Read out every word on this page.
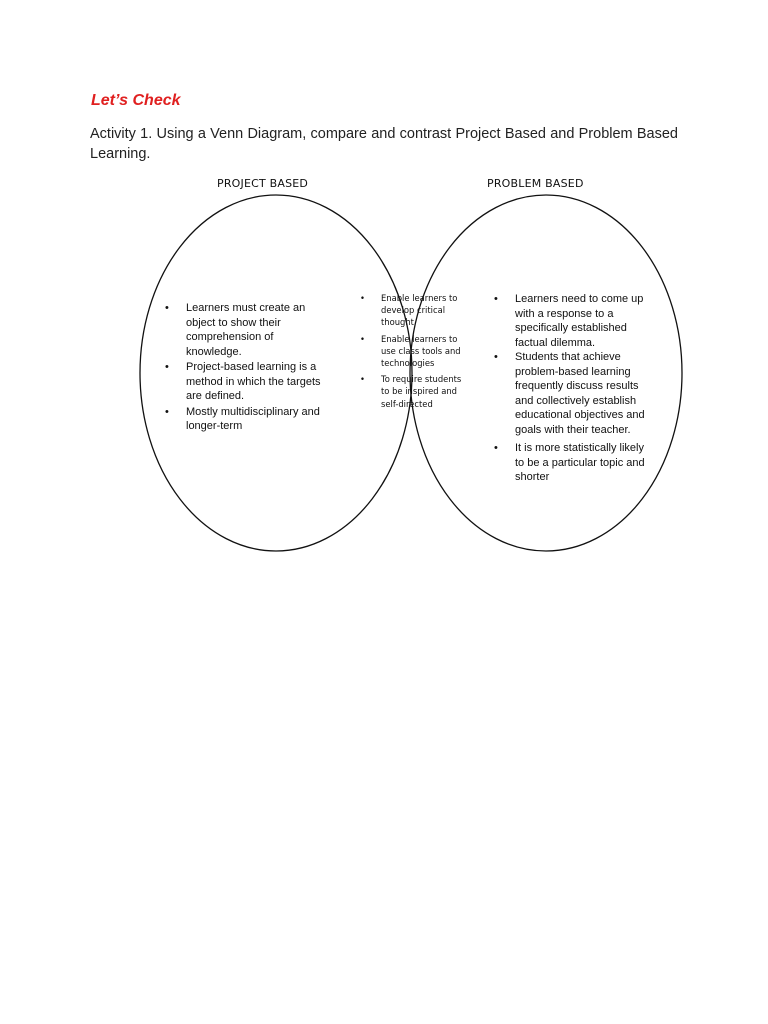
Let’s Check

Activity 1. Using a Venn Diagram, compare and contrast Project Based and Problem Based Learning.

PROJECT BASED	PROBLEM BASED
• Learners must create an object to show their comprehension of knowledge.
• Project-based learning is a method in which the targets are defined.
• Mostly multidisciplinary and longer-term
• Enable learners to develop critical thought
• Enable learners to use class tools and technologies
• To require students to be inspired and self-directed
• Learners need to come up with a response to a specifically established factual dilemma.
• Students that achieve problem-based learning frequently discuss results and collectively establish educational objectives and goals with their teacher.
• It is more statistically likely to be a particular topic and shorter
